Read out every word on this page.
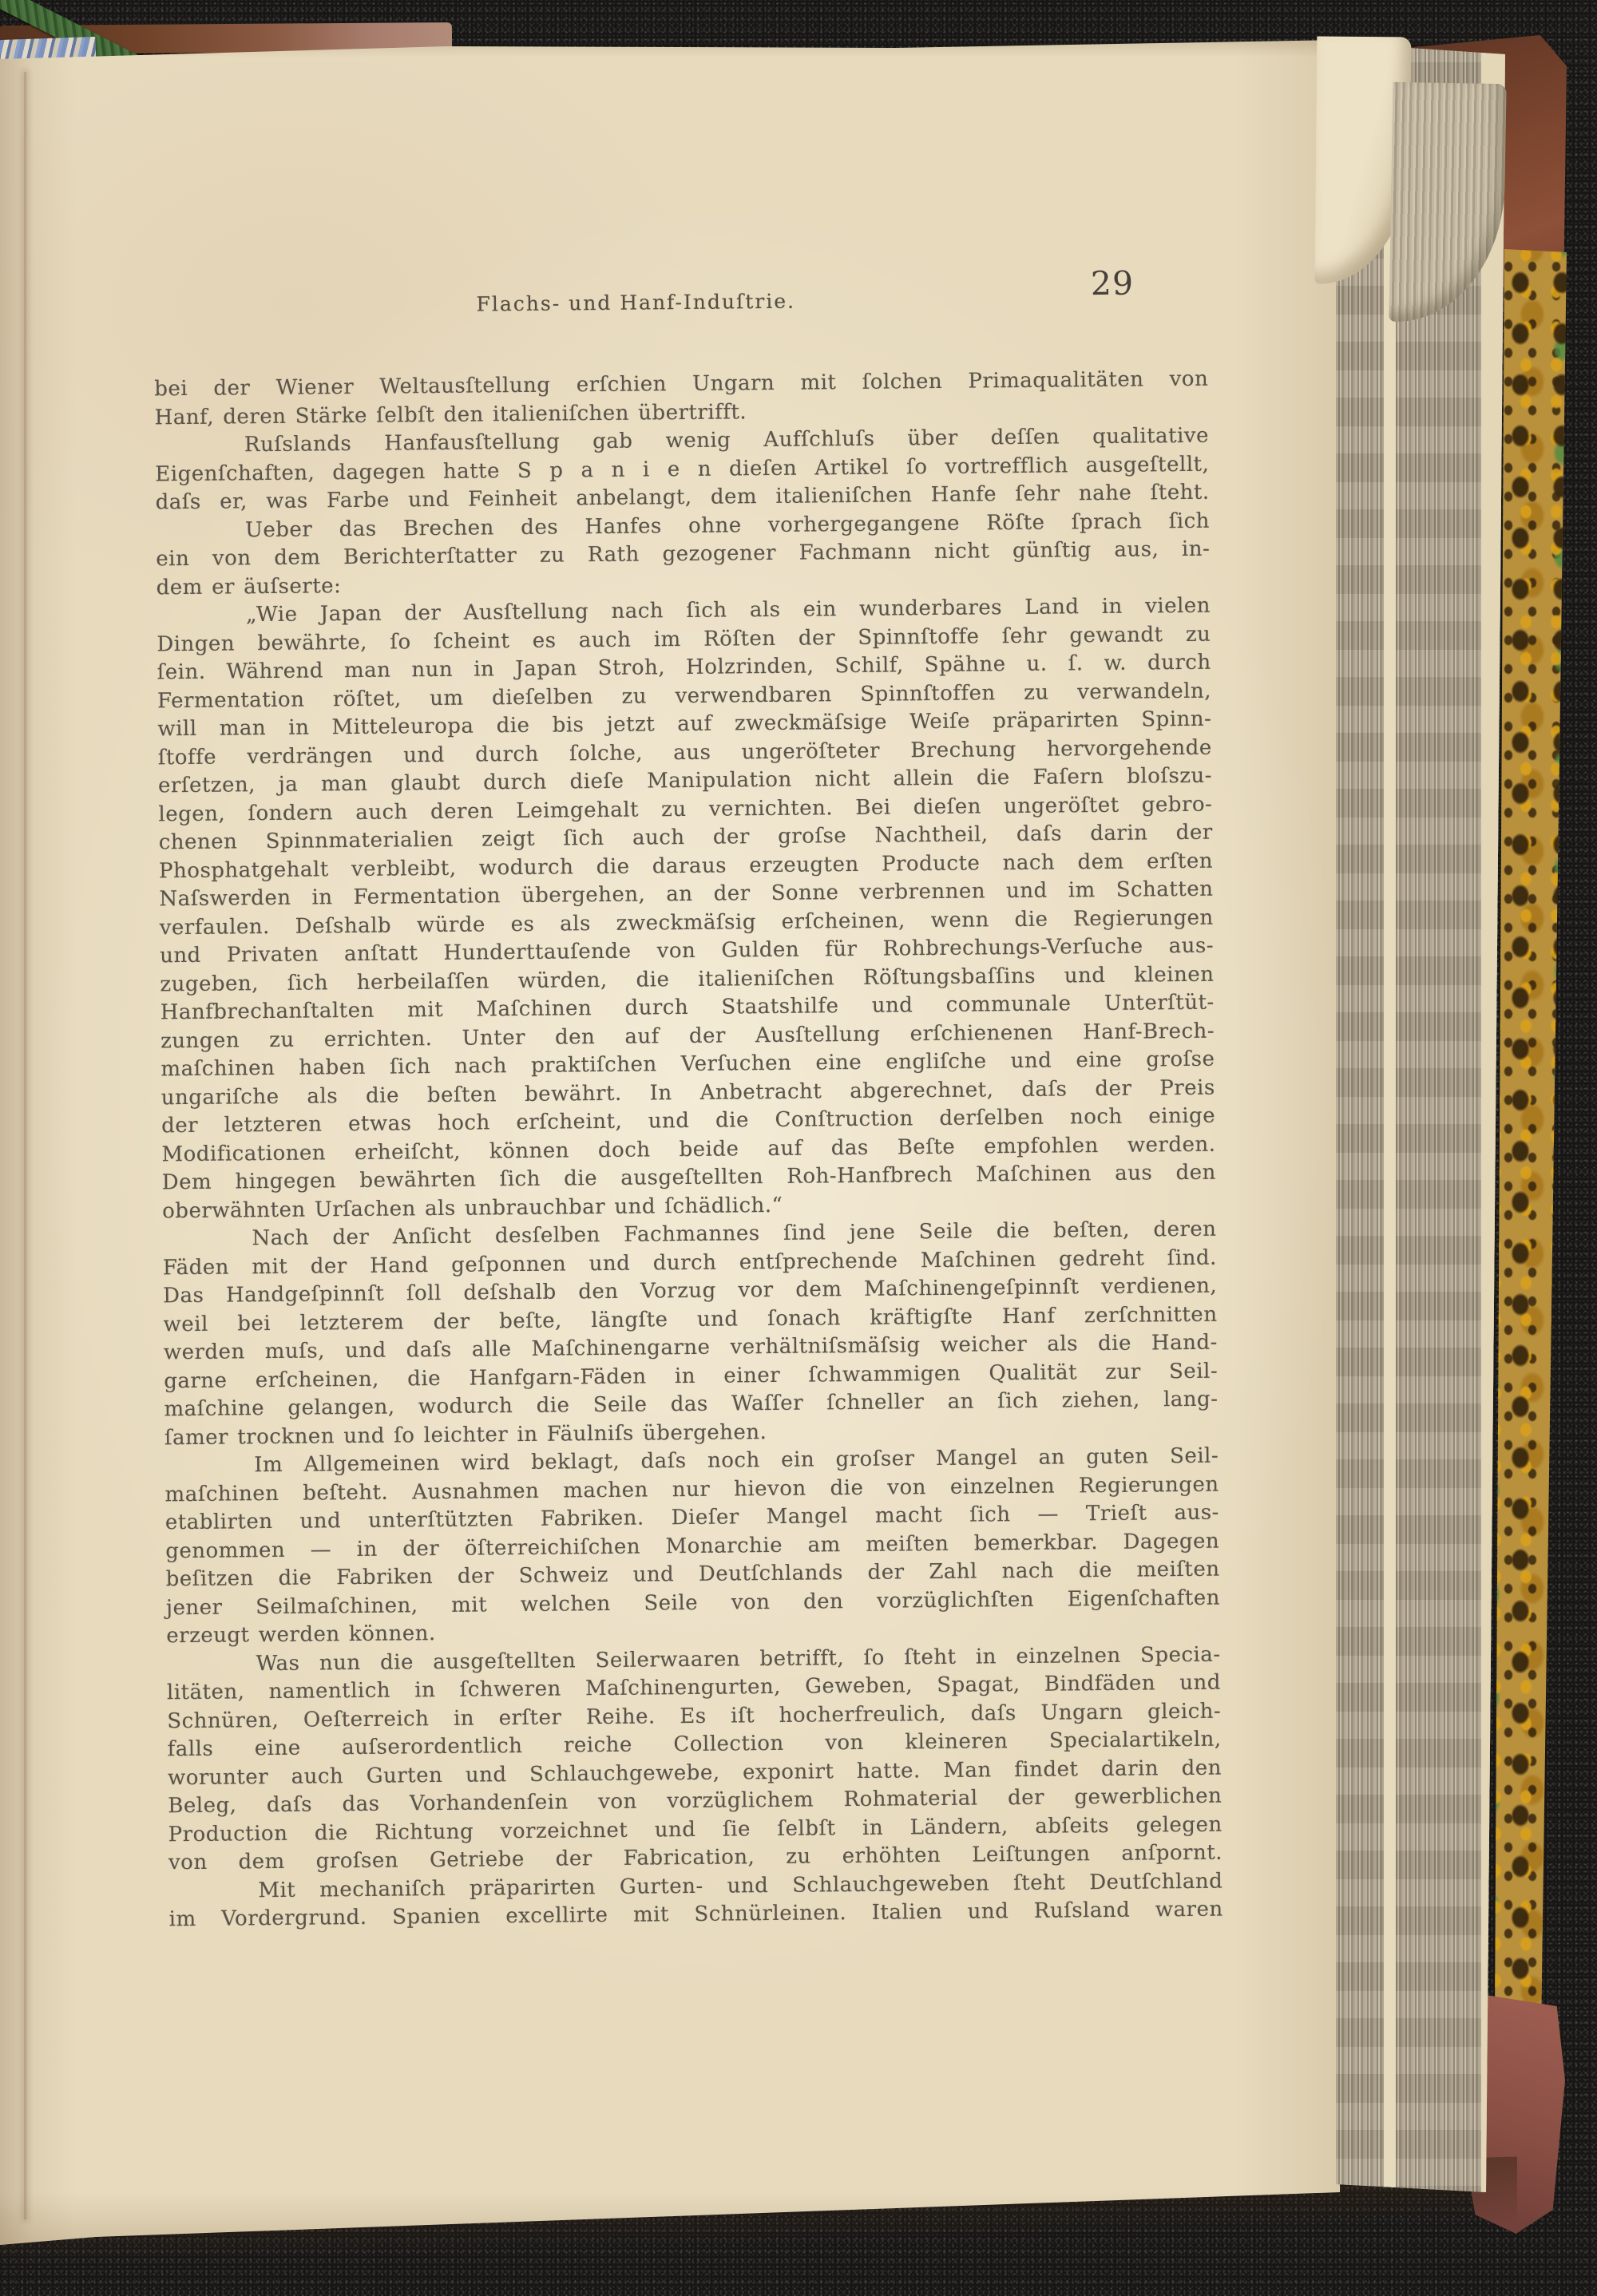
Flachs- und Hanf-Induſtrie.	29
bei der Wiener Weltausſtellung erſchien Ungarn mit ſolchen Primaqualitäten von
Hanf, deren Stärke ſelbſt den italieniſchen übertrifft.
Ruſslands Hanfausſtellung gab wenig Aufſchluſs über deſſen qualitative
Eigenſchaften, dagegen hatte S p a n i e n dieſen Artikel ſo vortrefflich ausgeſtellt,
daſs er, was Farbe und Feinheit anbelangt, dem italieniſchen Hanfe ſehr nahe ſteht.
Ueber das Brechen des Hanfes ohne vorhergegangene Röſte ſprach ſich
ein von dem Berichterſtatter zu Rath gezogener Fachmann nicht günſtig aus, in-
dem er äuſserte:
„Wie Japan der Ausſtellung nach ſich als ein wunderbares Land in vielen
Dingen bewährte, ſo ſcheint es auch im Röſten der Spinnſtoffe ſehr gewandt zu
ſein. Während man nun in Japan Stroh, Holzrinden, Schilf, Spähne u. ſ. w. durch
Fermentation röſtet, um dieſelben zu verwendbaren Spinnſtoffen zu verwandeln,
will man in Mitteleuropa die bis jetzt auf zweckmäſsige Weiſe präparirten Spinn-
ſtoffe verdrängen und durch ſolche, aus ungeröſteter Brechung hervorgehende
erſetzen, ja man glaubt durch dieſe Manipulation nicht allein die Faſern bloſszu-
legen, ſondern auch deren Leimgehalt zu vernichten. Bei dieſen ungeröſtet gebro-
chenen Spinnmaterialien zeigt ſich auch der groſse Nachtheil, daſs darin der
Phosphatgehalt verbleibt, wodurch die daraus erzeugten Producte nach dem erſten
Naſswerden in Fermentation übergehen, an der Sonne verbrennen und im Schatten
verfaulen. Deſshalb würde es als zweckmäſsig erſcheinen, wenn die Regierungen
und Privaten anſtatt Hunderttauſende von Gulden für Rohbrechungs-Verſuche aus-
zugeben, ſich herbeilaſſen würden, die italieniſchen Röſtungsbaſſins und kleinen
Hanfbrechanſtalten mit Maſchinen durch Staatshilfe und communale Unterſtüt-
zungen zu errichten. Unter den auf der Ausſtellung erſchienenen Hanf-Brech-
maſchinen haben ſich nach praktiſchen Verſuchen eine engliſche und eine groſse
ungariſche als die beſten bewährt. In Anbetracht abgerechnet, daſs der Preis
der letzteren etwas hoch erſcheint, und die Conſtruction derſelben noch einige
Modificationen erheiſcht, können doch beide auf das Beſte empfohlen werden.
Dem hingegen bewährten ſich die ausgeſtellten Roh-Hanfbrech Maſchinen aus den
oberwähnten Urſachen als unbrauchbar und ſchädlich.“
Nach der Anſicht desſelben Fachmannes ſind jene Seile die beſten, deren
Fäden mit der Hand geſponnen und durch entſprechende Maſchinen gedreht ſind.
Das Handgeſpinnſt ſoll deſshalb den Vorzug vor dem Maſchinengeſpinnſt verdienen,
weil bei letzterem der beſte, längſte und ſonach kräftigſte Hanf zerſchnitten
werden muſs, und daſs alle Maſchinengarne verhältniſsmäſsig weicher als die Hand-
garne erſcheinen, die Hanfgarn-Fäden in einer ſchwammigen Qualität zur Seil-
maſchine gelangen, wodurch die Seile das Waſſer ſchneller an ſich ziehen, lang-
ſamer trocknen und ſo leichter in Fäulniſs übergehen.
Im Allgemeinen wird beklagt, daſs noch ein groſser Mangel an guten Seil-
maſchinen beſteht. Ausnahmen machen nur hievon die von einzelnen Regierungen
etablirten und unterſtützten Fabriken. Dieſer Mangel macht ſich — Trieſt aus-
genommen — in der öſterreichiſchen Monarchie am meiſten bemerkbar. Dagegen
beſitzen die Fabriken der Schweiz und Deutſchlands der Zahl nach die meiſten
jener Seilmaſchinen, mit welchen Seile von den vorzüglichſten Eigenſchaften
erzeugt werden können.
Was nun die ausgeſtellten Seilerwaaren betrifft, ſo ſteht in einzelnen Specia-
litäten, namentlich in ſchweren Maſchinengurten, Geweben, Spagat, Bindfäden und
Schnüren, Oeſterreich in erſter Reihe. Es iſt hocherfreulich, daſs Ungarn gleich-
falls eine auſserordentlich reiche Collection von kleineren Specialartikeln,
worunter auch Gurten und Schlauchgewebe, exponirt hatte. Man findet darin den
Beleg, daſs das Vorhandenſein von vorzüglichem Rohmaterial der gewerblichen
Production die Richtung vorzeichnet und ſie ſelbſt in Ländern, abſeits gelegen
von dem groſsen Getriebe der Fabrication, zu erhöhten Leiſtungen anſpornt.
Mit mechaniſch präparirten Gurten- und Schlauchgeweben ſteht Deutſchland
im Vordergrund. Spanien excellirte mit Schnürleinen. Italien und Ruſsland waren
